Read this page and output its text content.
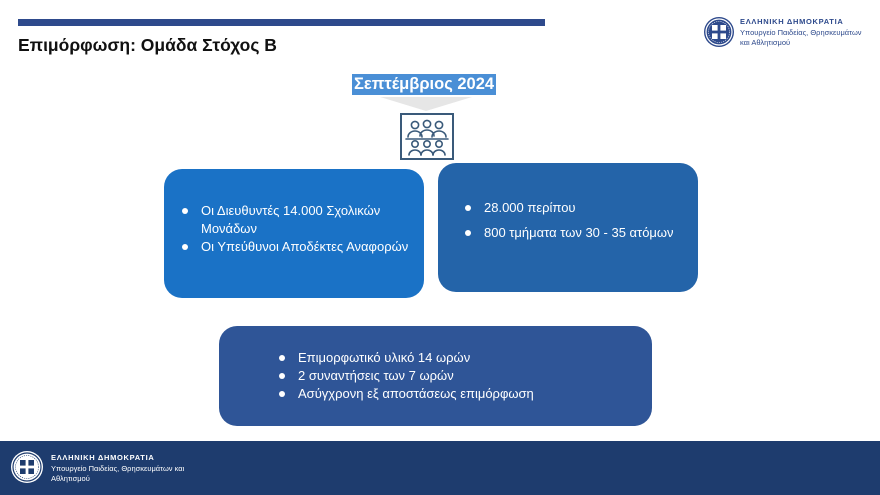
Επιμόρφωση: Ομάδα Στόχος Β
ΕΛΛΗΝΙΚΗ ΔΗΜΟΚΡΑΤΙΑ
Υπουργείο Παιδείας, Θρησκευμάτων και Αθλητισμού
Σεπτέμβριος 2024
Οι Διευθυντές 14.000 Σχολικών Μονάδων
Οι Υπεύθυνοι Αποδέκτες Αναφορών
28.000 περίπου
800 τμήματα των 30 - 35 ατόμων
Επιμορφωτικό υλικό 14 ωρών
2 συναντήσεις των 7 ωρών
Ασύγχρονη εξ αποστάσεως επιμόρφωση
ΕΛΛΗΝΙΚΗ ΔΗΜΟΚΡΑΤΙΑ
Υπουργείο Παιδείας, Θρησκευμάτων και Αθλητισμού
